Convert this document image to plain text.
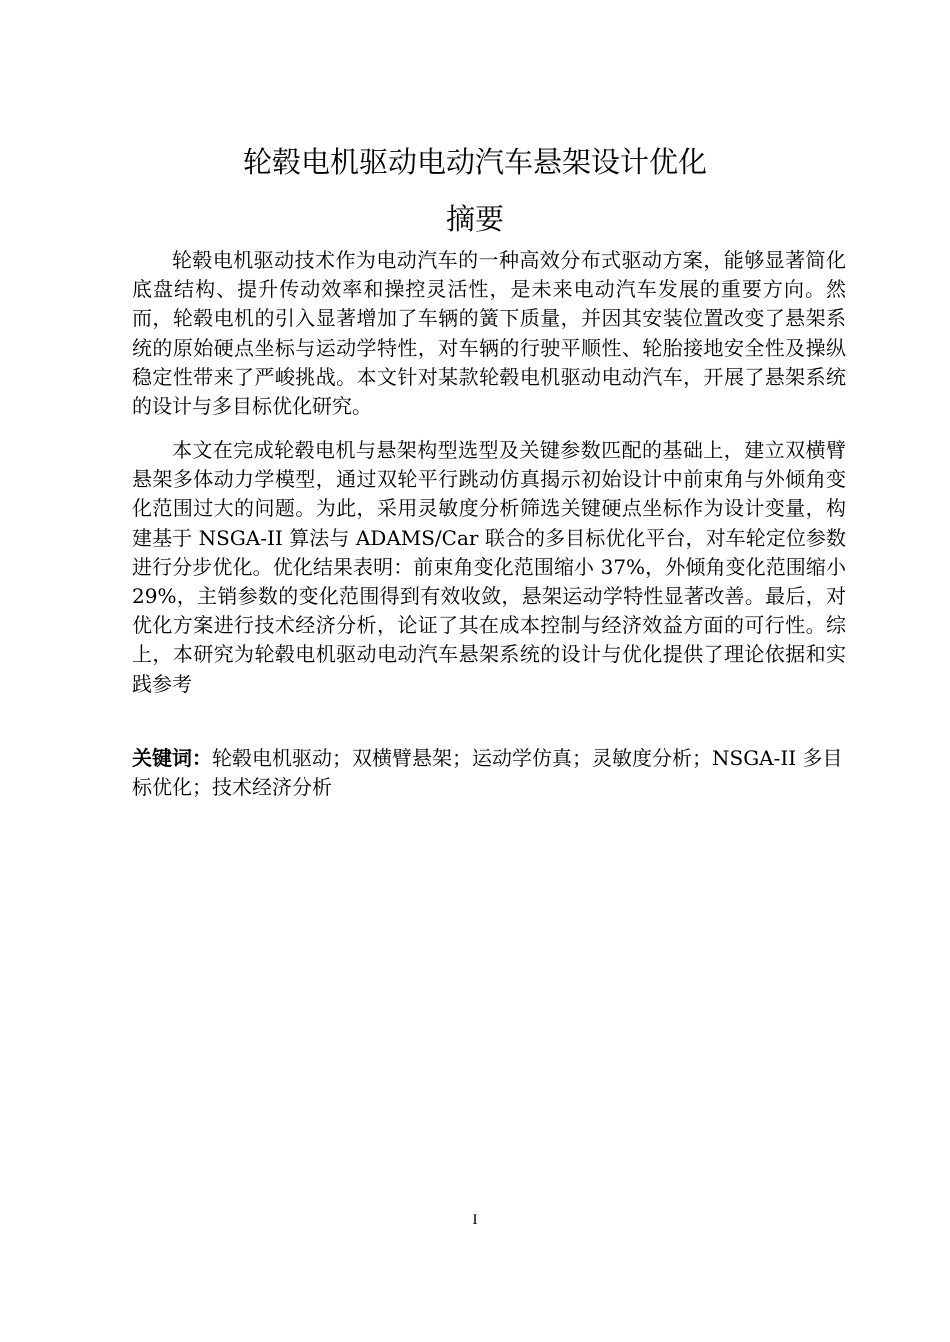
轮毂电机驱动电动汽车悬架设计优化
摘要

轮毂电机驱动技术作为电动汽车的一种高效分布式驱动方案，能够显著简化底盘结构、提升传动效率和操控灵活性，是未来电动汽车发展的重要方向。然而，轮毂电机的引入显著增加了车辆的簧下质量，并因其安装位置改变了悬架系统的原始硬点坐标与运动学特性，对车辆的行驶平顺性、轮胎接地安全性及操纵稳定性带来了严峻挑战。本文针对某款轮毂电机驱动电动汽车，开展了悬架系统的设计与多目标优化研究。

本文在完成轮毂电机与悬架构型选型及关键参数匹配的基础上，建立双横臂悬架多体动力学模型，通过双轮平行跳动仿真揭示初始设计中前束角与外倾角变化范围过大的问题。为此，采用灵敏度分析筛选关键硬点坐标作为设计变量，构建基于 NSGA-II 算法与 ADAMS/Car 联合的多目标优化平台，对车轮定位参数进行分步优化。优化结果表明：前束角变化范围缩小 37%，外倾角变化范围缩小 29%，主销参数的变化范围得到有效收敛，悬架运动学特性显著改善。最后，对优化方案进行技术经济分析，论证了其在成本控制与经济效益方面的可行性。综上，本研究为轮毂电机驱动电动汽车悬架系统的设计与优化提供了理论依据和实践参考

关键词：轮毂电机驱动；双横臂悬架；运动学仿真；灵敏度分析；NSGA-II 多目标优化；技术经济分析

I
